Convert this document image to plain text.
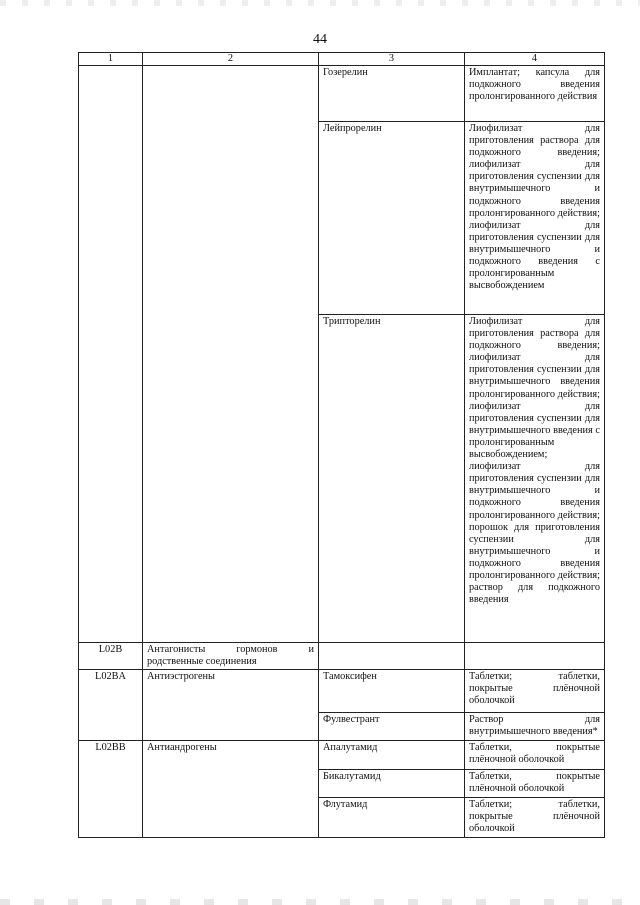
44
1	2	3	4
		Гозерелин	Имплантат; капсула для подкожного введения пролонгированного действия
		Лейпрорелин	Лиофилизат для приготовления раствора для подкожного введения; лиофилизат для приготовления суспензии для внутримышечного и подкожного введения пролонгированного действия; лиофилизат для приготовления суспензии для внутримышечного и подкожного введения с пролонгированным высвобождением
		Трипторелин	Лиофилизат для приготовления раствора для подкожного введения; лиофилизат для приготовления суспензии для внутримышечного введения пролонгированного действия; лиофилизат для приготовления суспензии для внутримышечного введения с пролонгированным высвобождением; лиофилизат для приготовления суспензии для внутримышечного и подкожного введения пролонгированного действия; порошок для приготовления суспензии для внутримышечного и подкожного введения пролонгированного действия; раствор для подкожного введения
L02B	Антагонисты гормонов и родственные соединения		
L02BA	Антиэстрогены	Тамоксифен	Таблетки; таблетки, покрытые плёночной оболочкой
		Фулвестрант	Раствор для внутримышечного введения*
L02BB	Антиандрогены	Апалутамид	Таблетки, покрытые плёночной оболочкой
		Бикалутамид	Таблетки, покрытые плёночной оболочкой
		Флутамид	Таблетки; таблетки, покрытые плёночной оболочкой
